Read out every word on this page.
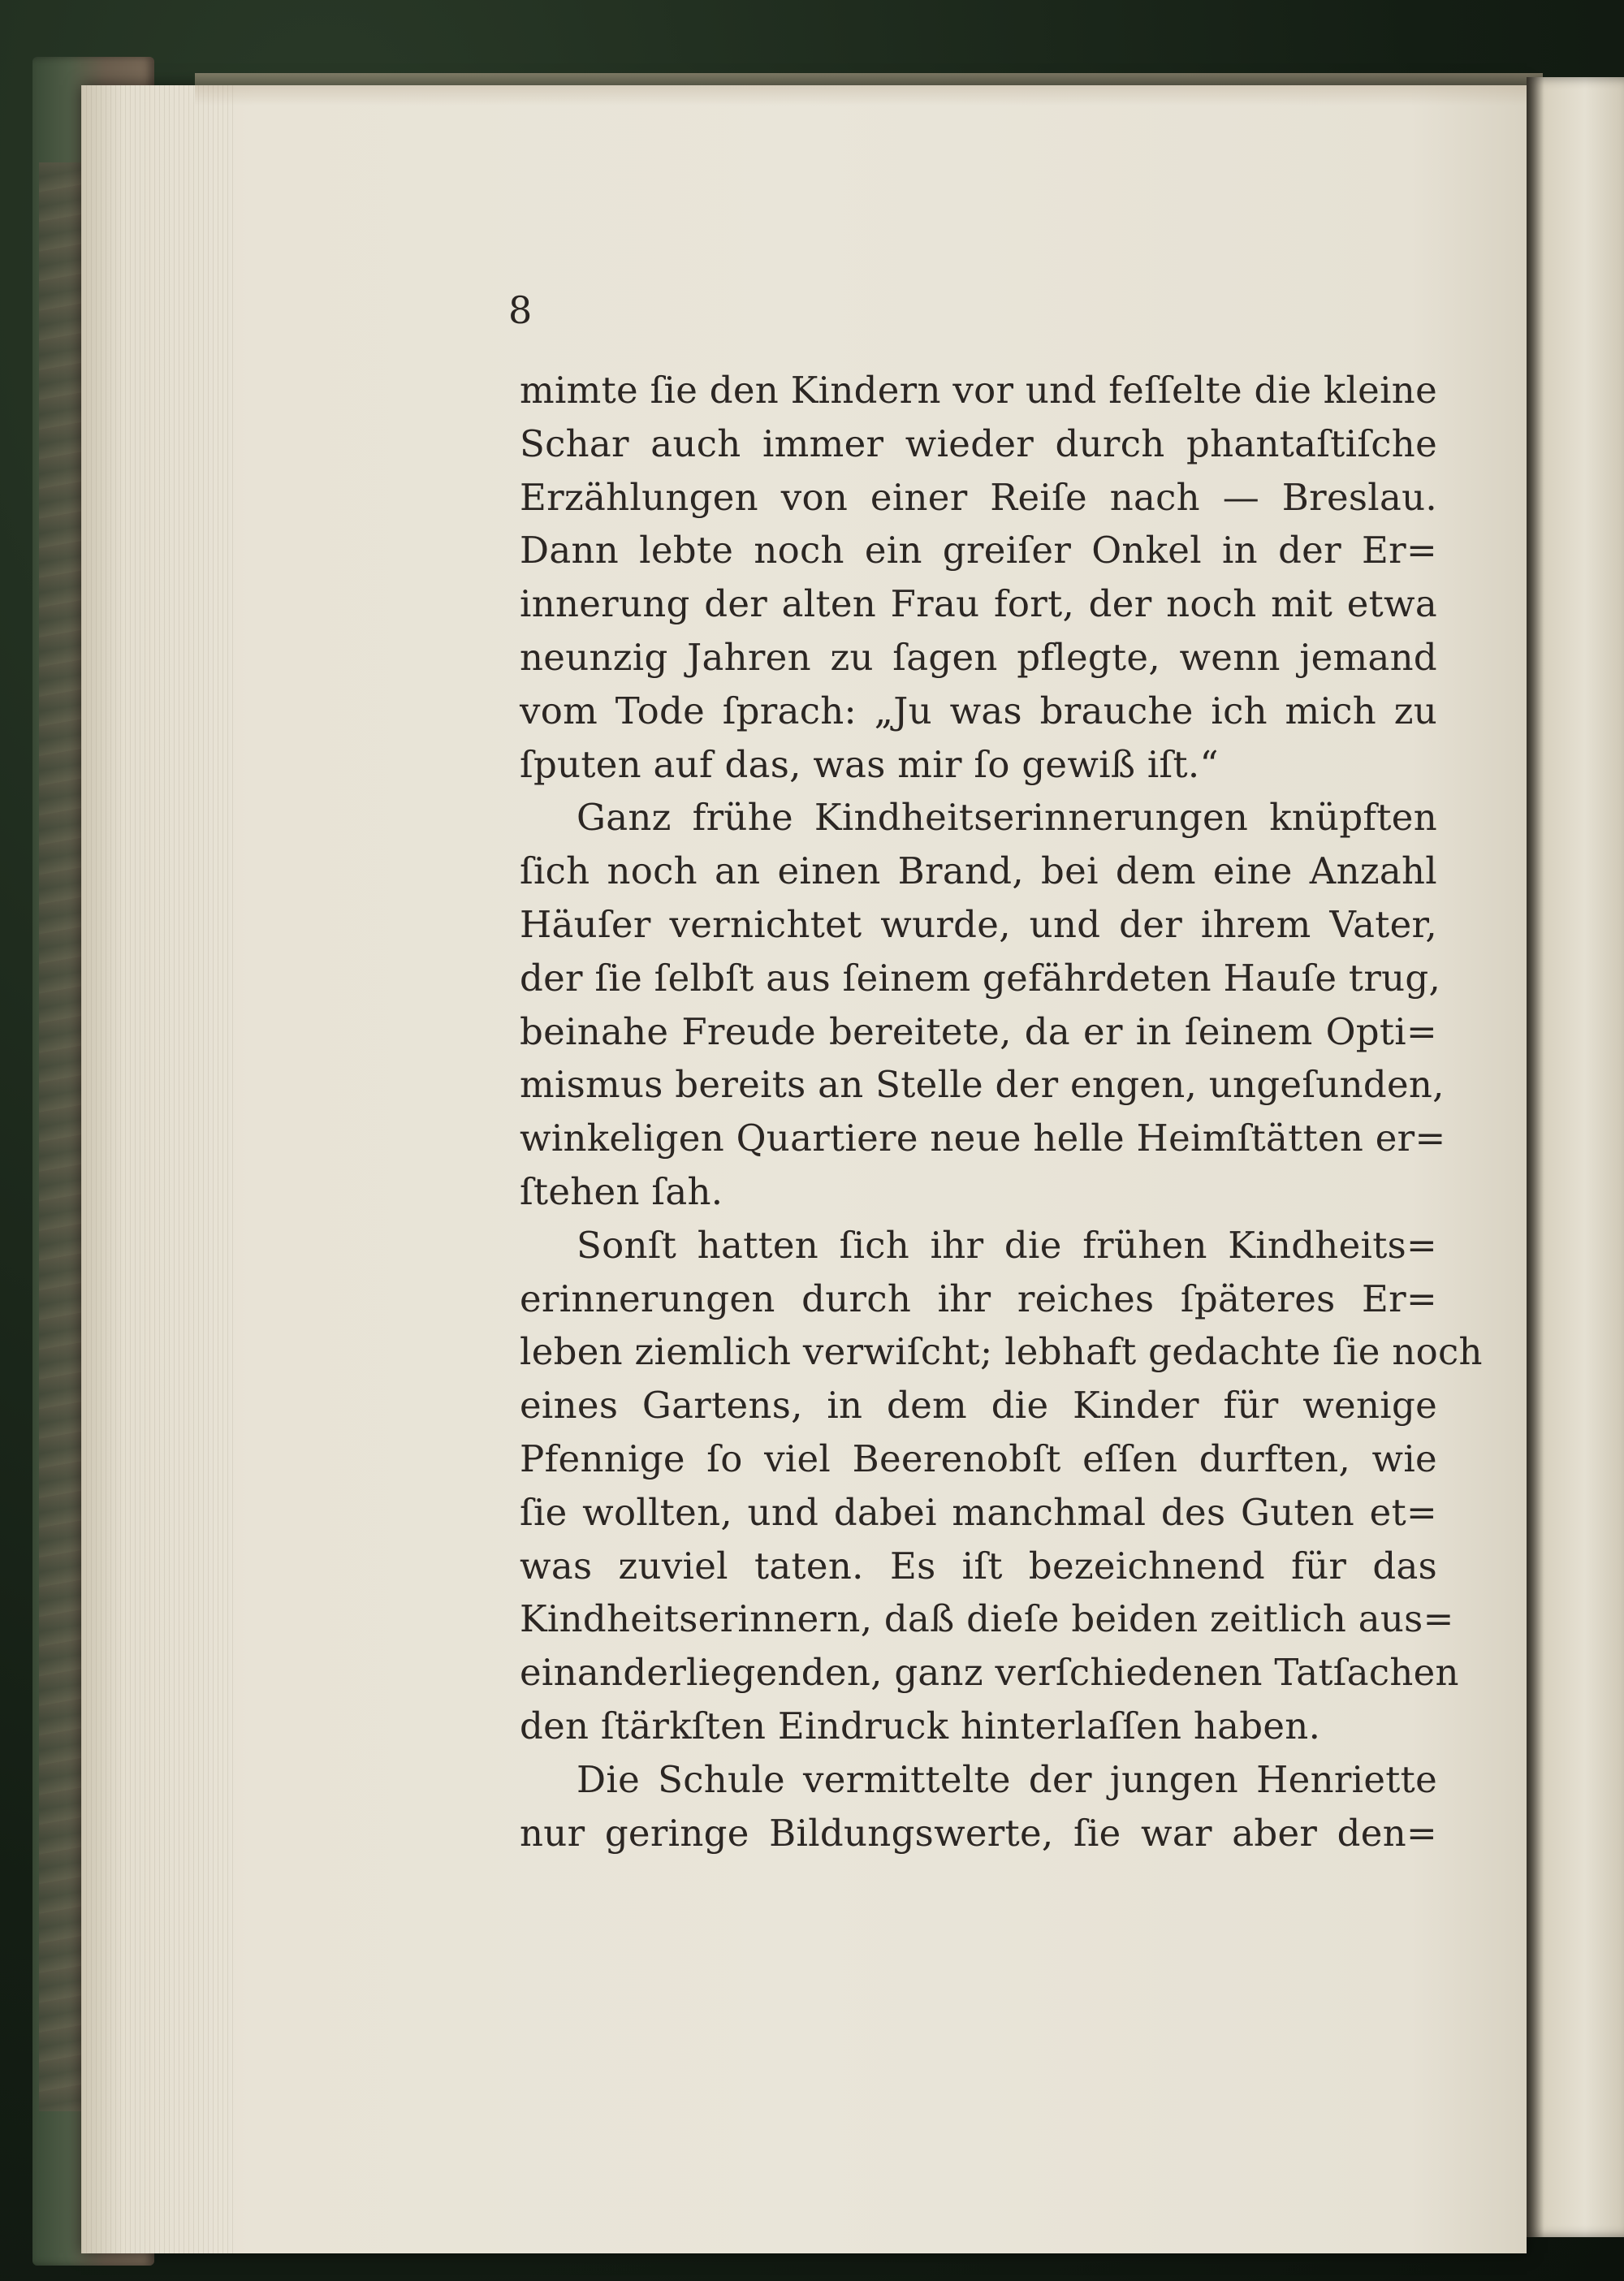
8
mimte ſie den Kindern vor und feſſelte die kleine
Schar auch immer wieder durch phantaſtiſche
Erzählungen von einer Reiſe nach — Breslau.
Dann lebte noch ein greiſer Onkel in der Er=
innerung der alten Frau fort, der noch mit etwa
neunzig Jahren zu ſagen pflegte, wenn jemand
vom Tode ſprach: „Ju was brauche ich mich zu
ſputen auf das, was mir ſo gewiß iſt.“
Ganz frühe Kindheitserinnerungen knüpften
ſich noch an einen Brand, bei dem eine Anzahl
Häuſer vernichtet wurde, und der ihrem Vater,
der ſie ſelbſt aus ſeinem gefährdeten Hauſe trug,
beinahe Freude bereitete, da er in ſeinem Opti=
mismus bereits an Stelle der engen, ungeſunden,
winkeligen Quartiere neue helle Heimſtätten er=
ſtehen ſah.
Sonſt hatten ſich ihr die frühen Kindheits=
erinnerungen durch ihr reiches ſpäteres Er=
leben ziemlich verwiſcht; lebhaft gedachte ſie noch
eines Gartens, in dem die Kinder für wenige
Pfennige ſo viel Beerenobſt eſſen durften, wie
ſie wollten, und dabei manchmal des Guten et=
was zuviel taten. Es iſt bezeichnend für das
Kindheitserinnern, daß dieſe beiden zeitlich aus=
einanderliegenden, ganz verſchiedenen Tatſachen
den ſtärkſten Eindruck hinterlaſſen haben.
Die Schule vermittelte der jungen Henriette
nur geringe Bildungswerte, ſie war aber den=
